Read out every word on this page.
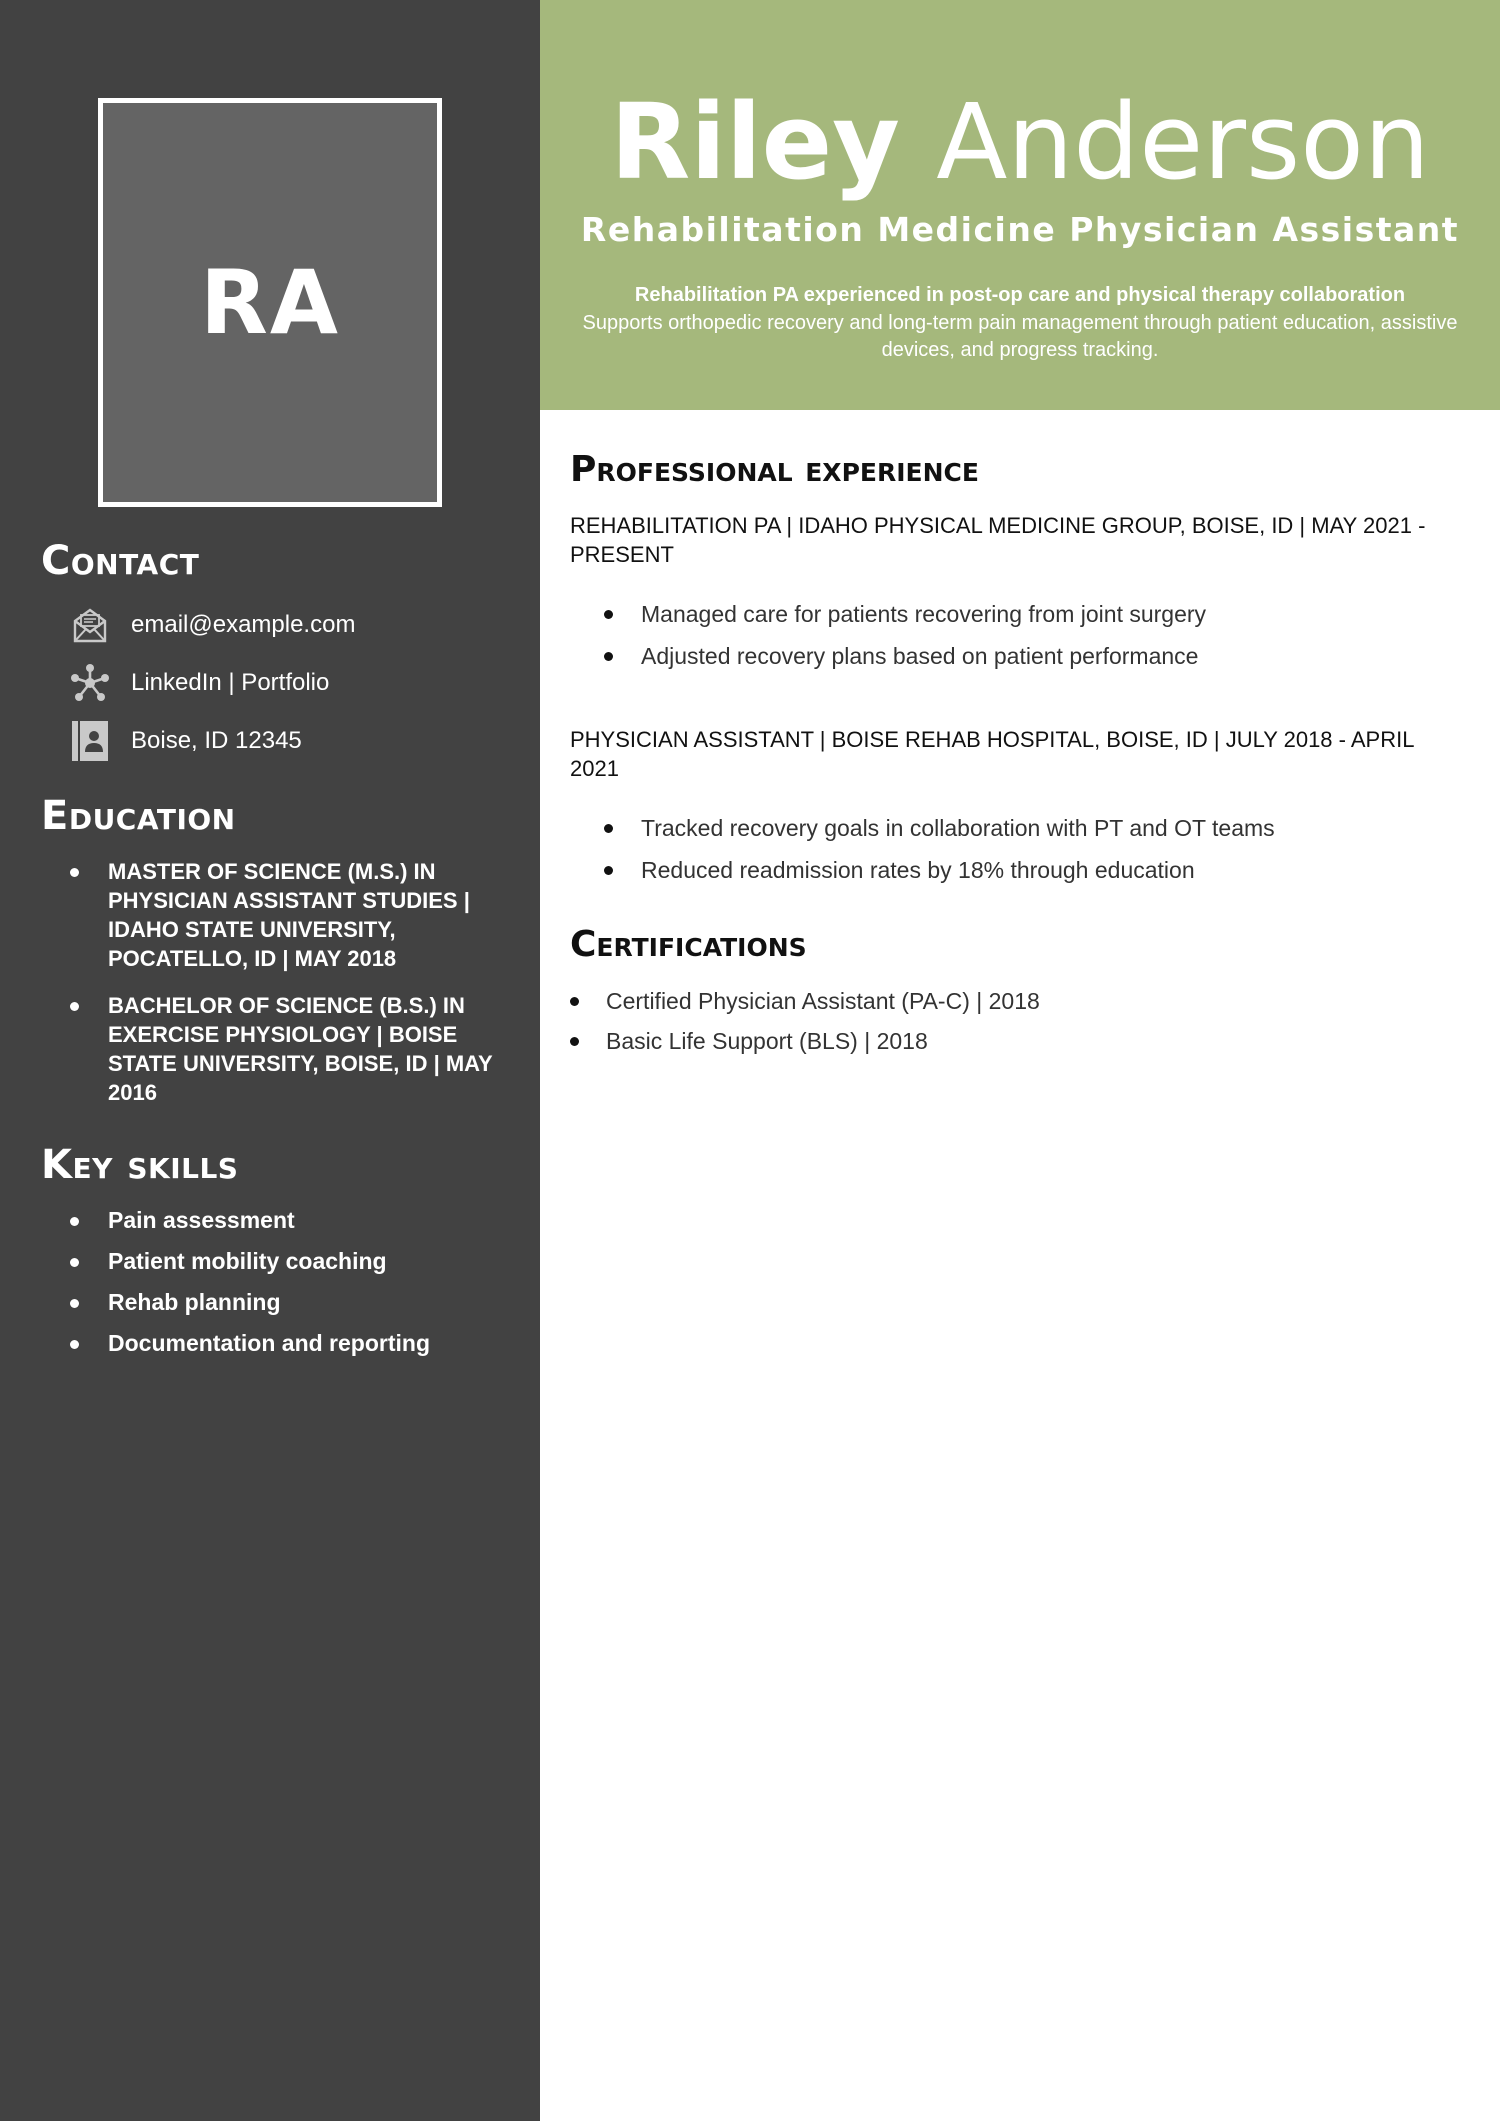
RA
Contact
email@example.com
LinkedIn | Portfolio
Boise, ID 12345
Education
MASTER OF SCIENCE (M.S.) IN PHYSICIAN ASSISTANT STUDIES | IDAHO STATE UNIVERSITY, POCATELLO, ID | MAY 2018
BACHELOR OF SCIENCE (B.S.) IN EXERCISE PHYSIOLOGY | BOISE STATE UNIVERSITY, BOISE, ID | MAY 2016
Key skills
Pain assessment
Patient mobility coaching
Rehab planning
Documentation and reporting
Riley Anderson
Rehabilitation Medicine Physician Assistant
Rehabilitation PA experienced in post-op care and physical therapy collaboration
Supports orthopedic recovery and long-term pain management through patient education, assistive devices, and progress tracking.
Professional experience
REHABILITATION PA | IDAHO PHYSICAL MEDICINE GROUP, BOISE, ID | MAY 2021 - PRESENT
Managed care for patients recovering from joint surgery
Adjusted recovery plans based on patient performance
PHYSICIAN ASSISTANT | BOISE REHAB HOSPITAL, BOISE, ID | JULY 2018 - APRIL 2021
Tracked recovery goals in collaboration with PT and OT teams
Reduced readmission rates by 18% through education
Certifications
Certified Physician Assistant (PA-C) | 2018
Basic Life Support (BLS) | 2018
